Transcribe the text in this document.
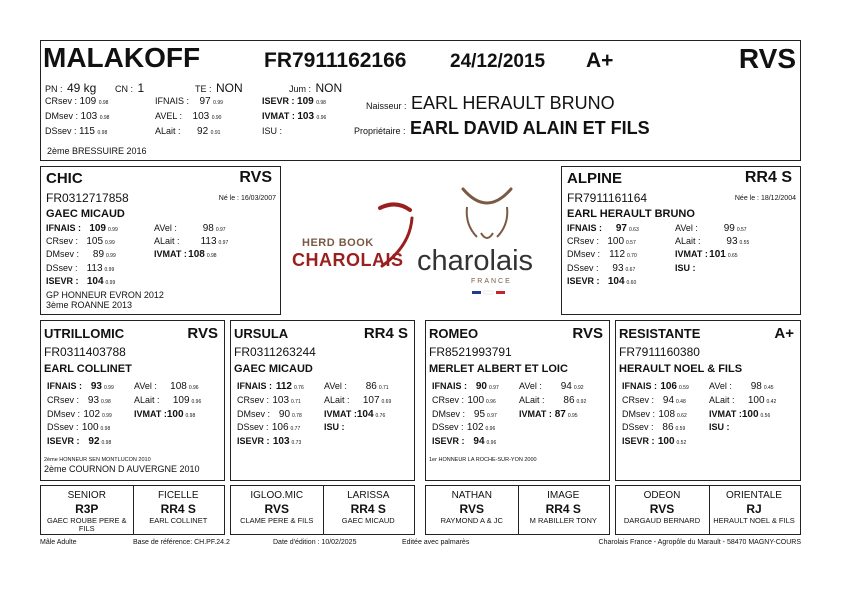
MALAKOFF	FR7911162166 24/12/2015 A+	RVS
PN : 49 kg CN : 1	TE : NON	Jum : NON
CRsev : 109 0.98
DMsev : 103 0.98
DSsev : 115 0.98
IFNAIS : 97 0.99
AVEL : 103 0.90
ALait : 92 0.91
ISEVR : 109 0.98
IVMAT : 103 0.96
ISU :
Naisseur : EARL HERAULT BRUNO
Propriétaire : EARL DAVID ALAIN ET FILS
2ème BRESSUIRE 2016
CHIC	RVS
FR0312717858	Né le : 16/03/2007
GAEC MICAUD
GP HONNEUR EVRON 2012
3ème ROANNE 2013
IFNAIS : 109 0.99
CRsev : 105 0.99
DMsev : 89 0.99
DSsev : 113 0.99
ISEVR : 104 0.99
AVel :	98 0.97
ALait : 113 0.97
IVMAT :108 0.98
HERD BOOK
CHAROLAIS charolais
FRANCE
ALPINE	RR4 S
FR7911161164	Née le : 18/12/2004
EARL HERAULT BRUNO
IFNAIS : 97 0.63
CRsev : 100 0.57
DMsev : 112 0.70
DSsev : 93 0.67
ISEVR : 104 0.60
AVel :	99 0.57
ALait :	93 0.55
IVMAT :101 0.65
ISU :
UTRILLOMIC	RVS
FR0311403788
EARL COLLINET
IFNAIS : 93 0.99
CRsev : 93 0.98
DMsev : 102 0.99
DSsev : 100 0.98
ISEVR : 92 0.98
AVel : 108 0.96
ALait : 109 0.96
IVMAT :100 0.98
2ème HONNEUR SEN MONTLUCON 2010
2ème COURNON D AUVERGNE 2010
URSULA	RR4 S
FR0311263244
GAEC MICAUD
IFNAIS : 112 0.76
CRsev : 103 0.71
DMsev : 90 0.78
DSsev : 106 0.77
ISEVR : 103 0.73
AVel : 86 0.71
ALait : 107 0.69
IVMAT :104 0.76
ISU :
ROMEO	RVS
FR8521993791
MERLET ALBERT ET LOIC
IFNAIS : 90 0.97
CRsev : 100 0.96
DMsev : 95 0.97
DSsev : 102 0.96
ISEVR : 94 0.96
AVel : 94 0.92
ALait : 86 0.92
IVMAT : 87 0.95
1er HONNEUR LA ROCHE-SUR-YON 2000
RESISTANTE	A+
FR7911160380
HERAULT NOEL & FILS
IFNAIS : 106 0.59
CRsev : 94 0.48
DMsev : 108 0.62
DSsev : 86 0.59
ISEVR : 100 0.52
AVel : 98 0.45
ALait : 100 0.42
IVMAT :100 0.56
ISU :
SENIOR
R3P
GAEC ROUBE PERE & FILS
FICELLE
RR4 S
EARL COLLINET
IGLOO.MIC
RVS
CLAME PERE & FILS
LARISSA
RR4 S
GAEC MICAUD
NATHAN
RVS
RAYMOND A & JC
IMAGE
RR4 S
M RABILLER TONY
ODEON
RVS
DARGAUD BERNARD
ORIENTALE
RJ
HERAULT NOEL & FILS
Mâle Adulte	Base de référence: CH.PF.24.2	Date d'édition : 10/02/2025	Editée avec palmarès	Charolais France - Agropôle du Marault - 58470 MAGNY-COURS
